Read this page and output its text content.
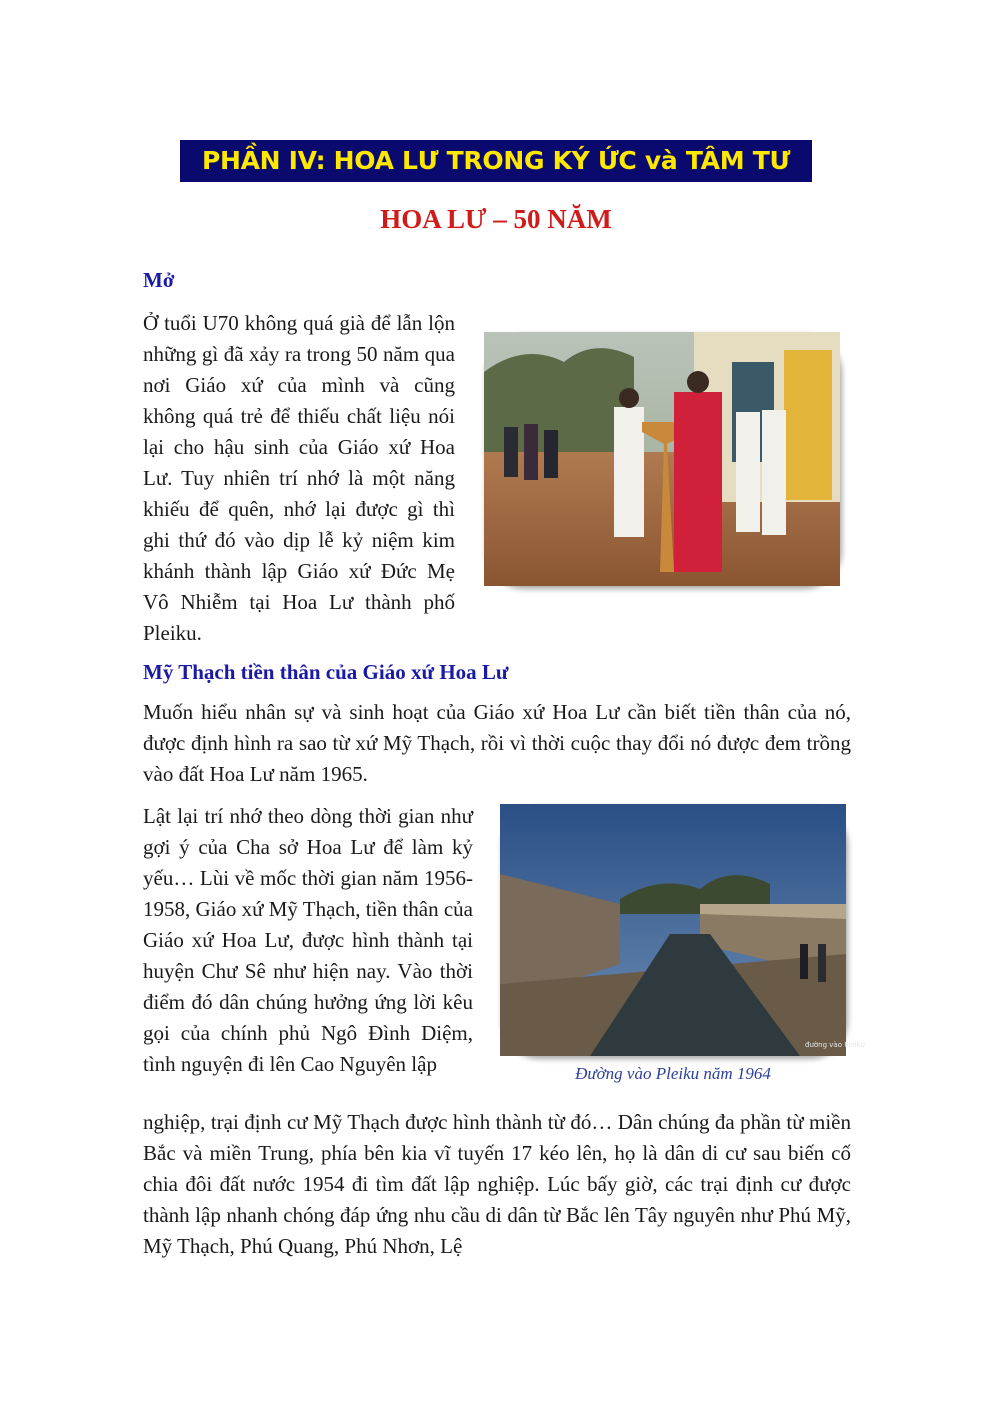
PHẦN IV: HOA LƯ TRONG KÝ ỨC và TÂM TƯ
HOA LƯ – 50 NĂM
Mở
Ở tuổi U70 không quá già để lẫn lộn những gì đã xảy ra trong 50 năm qua nơi Giáo xứ của mình và cũng không quá trẻ để thiếu chất liệu nói lại cho hậu sinh của Giáo xứ Hoa Lư. Tuy nhiên trí nhớ là một năng khiếu để quên, nhớ lại được gì thì ghi thứ đó vào dịp lễ kỷ niệm kim khánh thành lập Giáo xứ Đức Mẹ Vô Nhiễm tại Hoa Lư thành phố Pleiku.
Mỹ Thạch tiền thân của Giáo xứ Hoa Lư
Muốn hiểu nhân sự và sinh hoạt của Giáo xứ Hoa Lư cần biết tiền thân của nó, được định hình ra sao từ xứ Mỹ Thạch, rồi vì thời cuộc thay đổi nó được đem trồng vào đất Hoa Lư năm 1965.
Lật lại trí nhớ theo dòng thời gian như gợi ý của Cha sở Hoa Lư để làm kỷ yếu… Lùi về mốc thời gian năm 1956-1958, Giáo xứ Mỹ Thạch, tiền thân của Giáo xứ Hoa Lư, được hình thành tại huyện Chư Sê như hiện nay. Vào thời điểm đó dân chúng hưởng ứng lời kêu gọi của chính phủ Ngô Đình Diệm, tình nguyện đi lên Cao Nguyên lập
đường vào Pleiku
Đường vào Pleiku năm 1964
nghiệp, trại định cư Mỹ Thạch được hình thành từ đó… Dân chúng đa phần từ miền Bắc và miền Trung, phía bên kia vĩ tuyến 17 kéo lên, họ là dân di cư sau biến cố chia đôi đất nước 1954 đi tìm đất lập nghiệp. Lúc bấy giờ, các trại định cư được thành lập nhanh chóng đáp ứng nhu cầu di dân từ Bắc lên Tây nguyên như Phú Mỹ, Mỹ Thạch, Phú Quang, Phú Nhơn, Lệ
